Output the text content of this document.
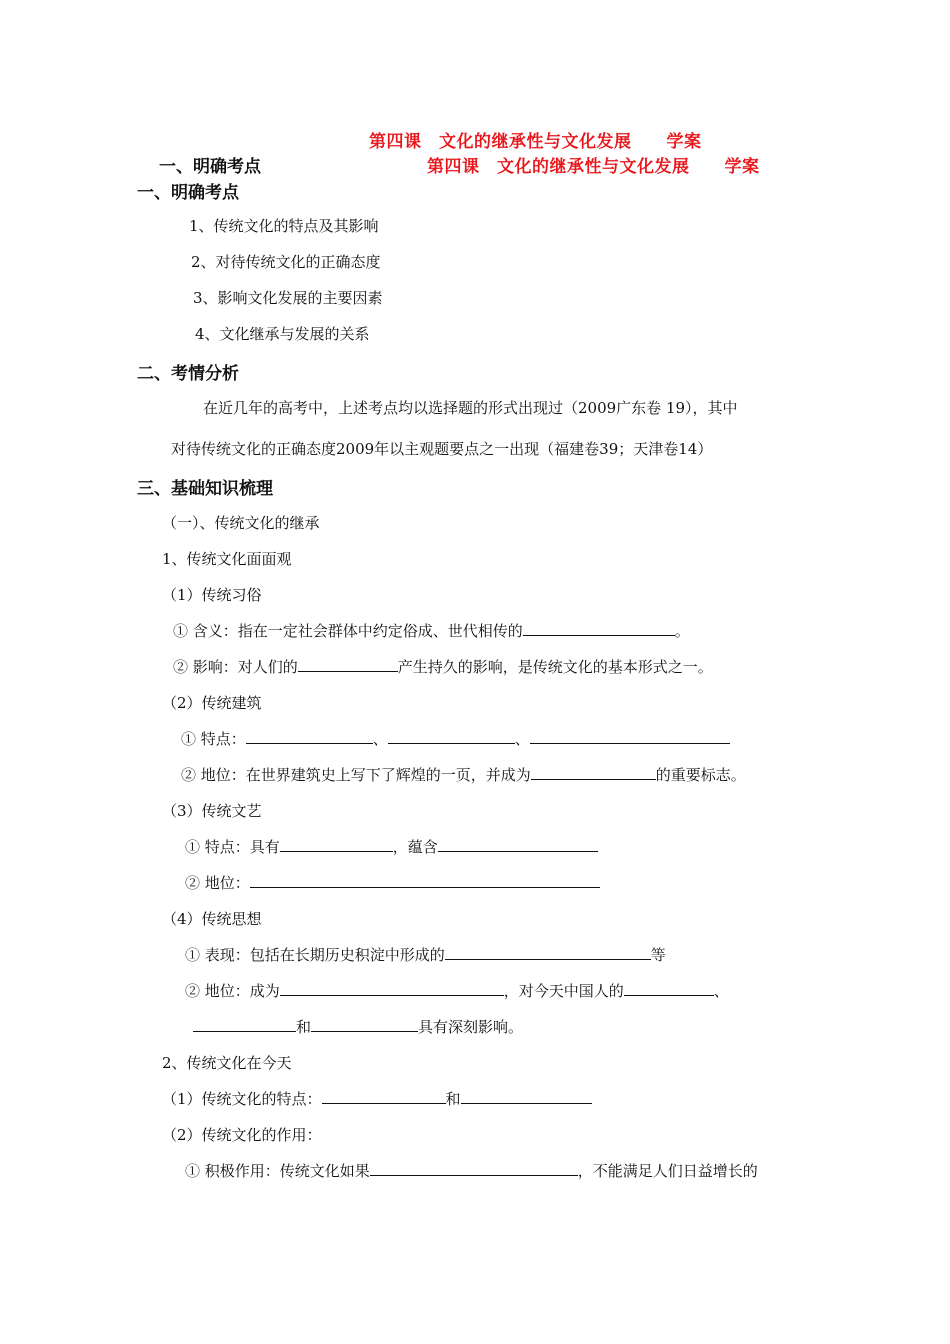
第四课　文化的继承性与文化发展　　学案
一、明确考点	第四课　文化的继承性与文化发展　　学案
一、明确考点
1、传统文化的特点及其影响
2、对待传统文化的正确态度
3、影响文化发展的主要因素
4、文化继承与发展的关系
二、考情分析
在近几年的高考中，上述考点均以选择题的形式出现过（2009广东卷 19），其中
对待传统文化的正确态度2009年以主观题要点之一出现（福建卷39；天津卷14）
三、基础知识梳理
（一）、传统文化的继承
1、传统文化面面观
（1）传统习俗
① 含义：指在一定社会群体中约定俗成、世代相传的	。
② 影响：对人们的	产生持久的影响，是传统文化的基本形式之一。
（2）传统建筑
① 特点：	、	、
② 地位：在世界建筑史上写下了辉煌的一页，并成为	的重要标志。
（3）传统文艺
① 特点：具有	，蕴含
② 地位：
（4）传统思想
① 表现：包括在长期历史积淀中形成的	等
② 地位：成为	，对今天中国人的	、
和	具有深刻影响。
2、传统文化在今天
（1）传统文化的特点：	和
（2）传统文化的作用：
① 积极作用：传统文化如果	，不能满足人们日益增长的
